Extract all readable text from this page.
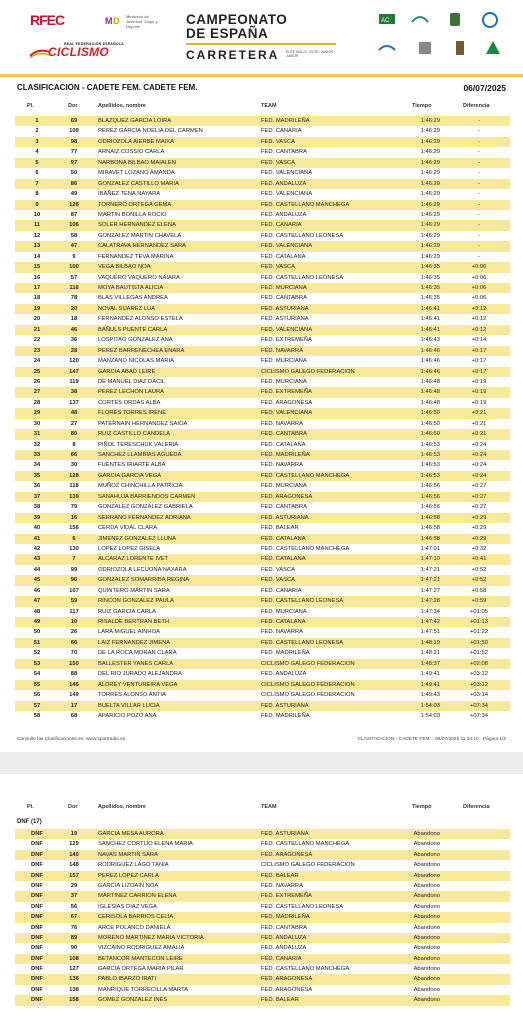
RFEC	M D Ministerio de Juventud, Mujer y Deporte
REAL FEDERACIÓN ESPAÑOLA
CICLISMO
CAMPEONATO
DE ESPAÑA
CARRETERA ÉLITE SUB 23 · ÉLITE / JÚNIOR / JUNIOR
AC
CLASIFICACION - CADETE FEM. CADETE FEM.	06/07/2025
Pl.	Dor	Apellidos, nombre	TEAM	Tiempo	Diferencia
1	69	BLAZQUEZ GARCIA LOIRA	FED. MADRILEÑA	1:46:29	-
2	109	PEREZ GARCIA NOELIA DEL CARMEN	FED. CANARIA	1:46:29	-
3	98	ODRIOZOLA AIERBE MAIXA	FED. VASCA	1:46:29	-
4	77	ARNAIZ COSSIO CARLA	FED. CANTABRA	1:46:29	-
5	97	NARBONA BILBAO MAIALEN	FED. VASCA	1:46:29	-
6	50	MIRAVET LOZANO AMANDA	FED. VALENCIANA	1:46:29	-
7	86	GONZALEZ CASTILLO MARIA	FED. ANDALUZA	1:46:29	-
8	49	IBAÑEZ TENA NAYARA	FED. VALENCIANA	1:46:29	-
9	126	TORNERO ORTEGA GEMA	FED. CASTELLANO MANCHEGA	1:46:29	-
10	87	MARTIN BONILLA ROCIO	FED. ANDALUZA	1:46:29	-
11	106	SOLER HERNANDEZ ELENA	FED. CANARIA	1:46:29	-
12	58	GONZALEZ MARTIN CHAVELA	FED. CASTELLANO LEONESA	1:46:29	-
13	47	CALATRAVA HERNANDEZ SARA	FED. VALENCIANA	1:46:29	-
14	9	FERNANDEZ TEVA MARINA	FED. CATALANA	1:46:29	-
15	100	VEGA BILBAO NOA	FED. VASCA	1:46:35	+0:06
16	57	VAQUERO VAQUERO NAIARA	FED. CASTELLANO LEONESA	1:46:35	+0:06
17	116	MOYA BAUTISTA ALICIA	FED. MURCIANA	1:46:35	+0:06
18	78	BLAS VILLEGAS ANDREA	FED. CANTABRA	1:46:35	+0:06
19	20	NOVAL SUAREZ LUA	FED. ASTURIANA	1:46:41	+0:12
20	18	FERNANDEZ ALONSO ESTELA	FED. ASTURIANA	1:46:41	+0:12
21	46	BAÑULS PUENTE CARLA	FED. VALENCIANA	1:46:41	+0:12
22	36	LOSPITAO GONZALEZ ANA	FED. EXTREMEÑA	1:46:43	+0:14
23	28	PEREZ BARRENECHEA ENARA	FED. NAVARRA	1:46:46	+0:17
24	120	MANZANO NICOLAS MARIA	FED. MURCIANA	1:46:46	+0:17
25	147	GARCIA ABAD LEIRE	CICLISMO GALEGO FEDERACION	1:46:46	+0:17
26	119	DE MANUEL DIAZ DACIL	FED. MURCIANA	1:46:48	+0:19
27	38	PEREZ LECHON LAURA	FED. EXTREMEÑA	1:46:48	+0:19
28	137	CORTES ORDAS ALBA	FED. ARAGONESA	1:46:48	+0:19
29	48	FLORES TORRES IRENE	FED. VALENCIANA	1:46:50	+0:21
30	27	PATERNAIN HERNANDEZ SAIOA	FED. NAVARRA	1:46:50	+0:21
31	80	RUIZ CASTILLO CANDELA	FED. CANTABRA	1:46:50	+0:21
32	8	PIÑOL TERESCHUK VALERIA	FED. CATALANA	1:46:53	+0:24
33	66	SANCHEZ LLAMBIAS AGUEDA	FED. MADRILEÑA	1:46:53	+0:24
34	30	FUENTES IRIARTE ALBA	FED. NAVARRA	1:46:53	+0:24
35	128	GARCIA GARCIA VEGA	FED. CASTELLANO MANCHEGA	1:46:53	+0:24
36	118	MUÑOZ CHINCHILLA PATRICIA	FED. MURCIANA	1:46:56	+0:27
37	139	SANAHUJA BARRIENDOS CARMEN	FED. ARAGONESA	1:46:56	+0:27
38	79	GONZALEZ GONZALEZ GABRIELA	FED. CANTABRA	1:46:56	+0:27
39	16	SERRANO FERNANDEZ ADRIANA	FED. ASTURIANA	1:46:58	+0:29
40	156	CERDA VIDAL CLARA	FED. BALEAR	1:46:58	+0:29
41	6	JIMENEZ GONZALEZ LLUNA	FED. CATALANA	1:46:58	+0:29
42	130	LOPEZ LOPEZ GISELA	FED. CASTELLANO MANCHEGA	1:47:01	+0:32
43	7	ALCARAZ LORENTE IVET	FED. CATALANA	1:47:10	+0:41
44	99	ODRIOZOLA LECUONA NAXARA	FED. VASCA	1:47:21	+0:52
45	96	GONZALEZ SOMARRIBA REGINA	FED. VASCA	1:47:21	+0:52
46	107	QUINTERO MARTIN SARA	FED. CANARIA	1:47:27	+0:58
47	59	RINCON GONZALEZ PAULA	FED. CASTELLANO LEONESA	1:47:28	+0:59
48	117	RUIZ GARCIA CARLA	FED. MURCIANA	1:47:34	+01:05
49	10	RISALDE BERTRAN BETH	FED. CATALANA	1:47:42	+01:13
50	26	LARA MIGUEL AINHOA	FED. NAVARRA	1:47:51	+01:22
51	60	LAIZ FERNANDEZ JIMENA	FED. CASTELLANO LEONESA	1:48:19	+01:50
52	70	DE LA ROCA MORAN CLARA	FED. MADRILEÑA	1:48:21	+01:52
53	150	BALLESTER YANES CARLA	CICLISMO GALEGO FEDERACION	1:48:37	+02:08
54	88	DEL RIO JURADO ALEJANDRA	FED. ANDALUZA	1:49:41	+03:12
55	146	ALDREY VENTUREIRA VEGA	CICLISMO GALEGO FEDERACION	1:49:41	+03:12
56	149	TORRES ALONSO ANTIA	CICLISMO GALEGO FEDERACION	1:49:43	+03:14
57	17	BUELTA VILLAR LUCIA	FED. ASTURIANA	1:54:03	+07:34
58	68	APARICIO POZO ANA	FED. MADRILEÑA	1:54:03	+07:34
Consulte las Clasificaciones en: www.sportradio.es	CLASIFICACION - CADETE FEM. - 06/07/2025 11:34:10 - Página 1/2
Pl.	Dor	Apellidos, nombre	TEAM	Tiempo	Diferencia
DNF (17)
DNF	19	GARCIA MESA AURORA	FED. ASTURIANA	Abandono
DNF	129	SANCHEZ CORTIJO ELENA MARIA	FED. CASTELLANO MANCHEGA	Abandono
DNF	140	NAVAS MARTIN SARA	FED. ARAGONESA	Abandono
DNF	148	RODRIGUEZ LAGO TANIA	CICLISMO GALEGO FEDERACION	Abandono
DNF	157	PEREZ LOPEZ CARLA	FED. BALEAR	Abandono
DNF	29	GARCIA LIZOAIN NOA	FED. NAVARRA	Abandono
DNF	37	MARTINEZ CARRION ELENA	FED. EXTREMEÑA	Abandono
DNF	56	IGLESIAS DIAZ VEGA	FED. CASTELLANO LEONESA	Abandono
DNF	67	CERISOLA BARRIOS CELIA	FED. MADRILEÑA	Abandono
DNF	76	ARCE POLANCO DANIELA	FED. CANTABRA	Abandono
DNF	89	MORENO MARTINEZ MARIA VICTORIA	FED. ANDALUZA	Abandono
DNF	90	VIZCAINO RODRIGUEZ AMALIA	FED. ANDALUZA	Abandono
DNF	108	BETANCOR MANTECON LEIRE	FED. CANARIA	Abandono
DNF	127	GARCIA ORTEGA MARIA PILAR	FED. CASTELLANO MANCHEGA	Abandono
DNF	136	PABLO IBARZO IRATI	FED. ARAGONESA	Abandono
DNF	138	MANRIQUE TORRECILLA MARTA	FED. ARAGONESA	Abandono
DNF	158	GOMEZ GONZALEZ INES	FED. BALEAR	Abandono
